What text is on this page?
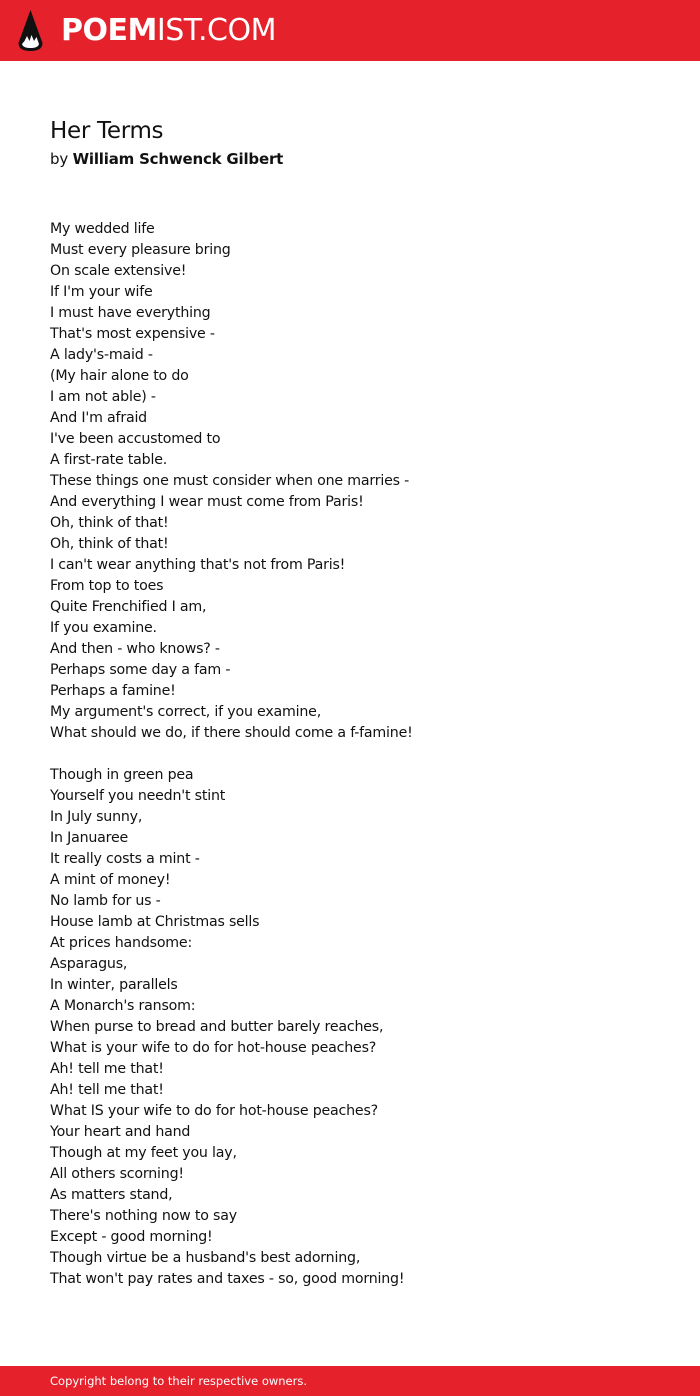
POEMIST.COM
Her Terms
by William Schwenck Gilbert
My wedded life
Must every pleasure bring
On scale extensive!
If I'm your wife
I must have everything
That's most expensive -
A lady's-maid -
(My hair alone to do
I am not able) -
And I'm afraid
I've been accustomed to
A first-rate table.
These things one must consider when one marries -
And everything I wear must come from Paris!
Oh, think of that!
Oh, think of that!
I can't wear anything that's not from Paris!
From top to toes
Quite Frenchified I am,
If you examine.
And then - who knows? -
Perhaps some day a fam -
Perhaps a famine!
My argument's correct, if you examine,
What should we do, if there should come a f-famine!
Though in green pea
Yourself you needn't stint
In July sunny,
In Januaree
It really costs a mint -
A mint of money!
No lamb for us -
House lamb at Christmas sells
At prices handsome:
Asparagus,
In winter, parallels
A Monarch's ransom:
When purse to bread and butter barely reaches,
What is your wife to do for hot-house peaches?
Ah! tell me that!
Ah! tell me that!
What IS your wife to do for hot-house peaches?
Your heart and hand
Though at my feet you lay,
All others scorning!
As matters stand,
There's nothing now to say
Except - good morning!
Though virtue be a husband's best adorning,
That won't pay rates and taxes - so, good morning!
Copyright belong to their respective owners.
